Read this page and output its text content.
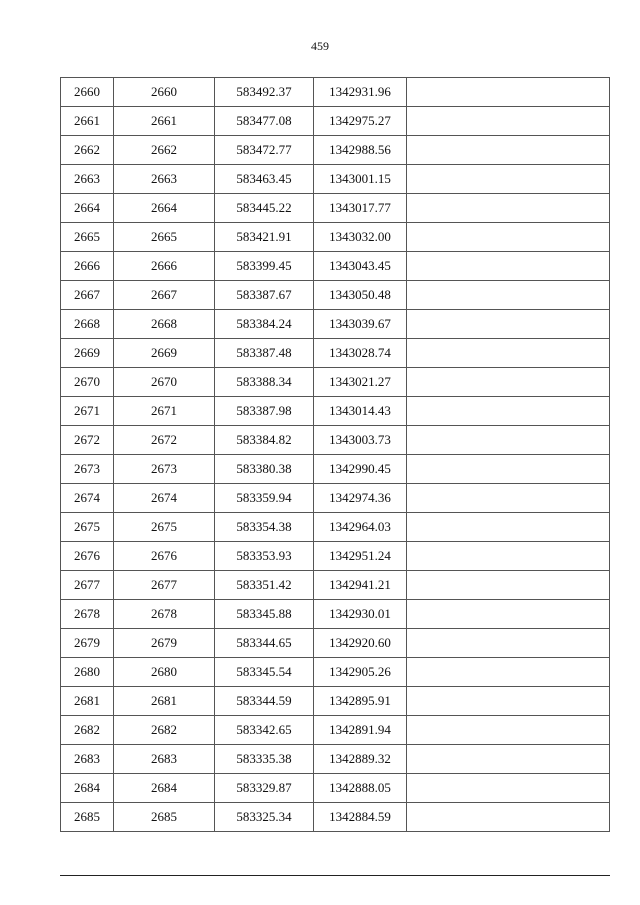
459
2660	2660	583492.37	1342931.96	
2661	2661	583477.08	1342975.27	
2662	2662	583472.77	1342988.56	
2663	2663	583463.45	1343001.15	
2664	2664	583445.22	1343017.77	
2665	2665	583421.91	1343032.00	
2666	2666	583399.45	1343043.45	
2667	2667	583387.67	1343050.48	
2668	2668	583384.24	1343039.67	
2669	2669	583387.48	1343028.74	
2670	2670	583388.34	1343021.27	
2671	2671	583387.98	1343014.43	
2672	2672	583384.82	1343003.73	
2673	2673	583380.38	1342990.45	
2674	2674	583359.94	1342974.36	
2675	2675	583354.38	1342964.03	
2676	2676	583353.93	1342951.24	
2677	2677	583351.42	1342941.21	
2678	2678	583345.88	1342930.01	
2679	2679	583344.65	1342920.60	
2680	2680	583345.54	1342905.26	
2681	2681	583344.59	1342895.91	
2682	2682	583342.65	1342891.94	
2683	2683	583335.38	1342889.32	
2684	2684	583329.87	1342888.05	
2685	2685	583325.34	1342884.59	
